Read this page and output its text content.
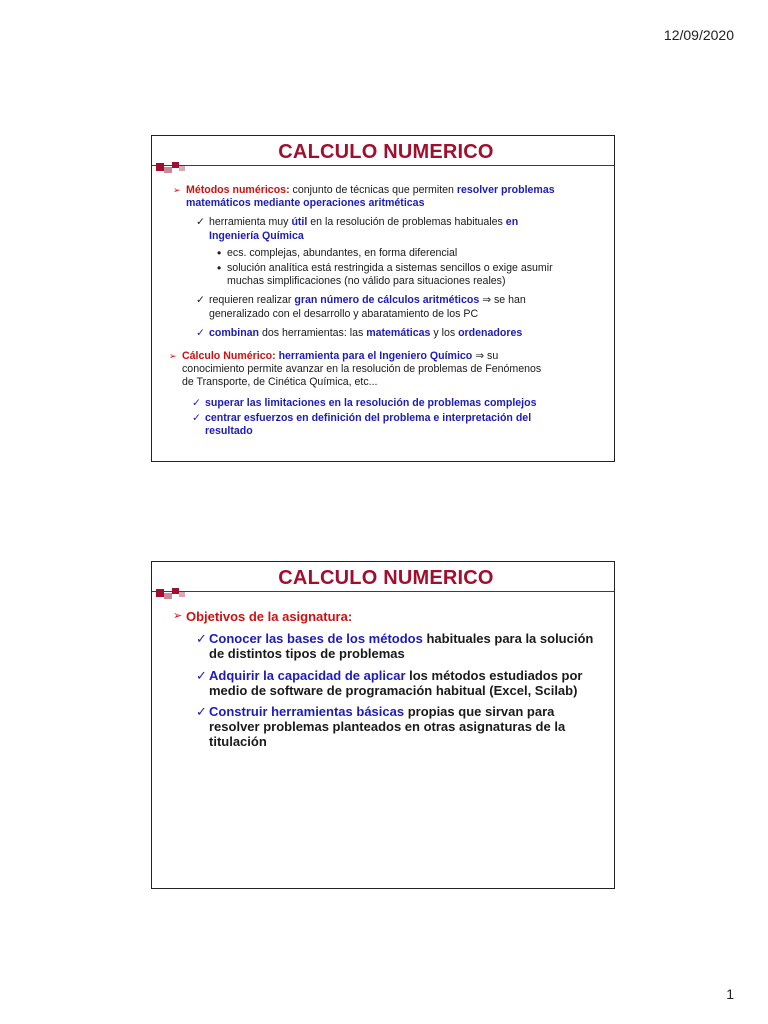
12/09/2020
CALCULO NUMERICO
➢ Métodos numéricos: conjunto de técnicas que permiten resolver problemas
matemáticos mediante operaciones aritméticas
✓ herramienta muy útil en la resolución de problemas habituales en
Ingeniería Química
• ecs. complejas, abundantes, en forma diferencial
• solución analítica está restringida a sistemas sencillos o exige asumir
muchas simplificaciones (no válido para situaciones reales)
✓ requieren realizar gran número de cálculos aritméticos ⇒ se han
generalizado con el desarrollo y abaratamiento de los PC
✓ combinan dos herramientas: las matemáticas y los ordenadores
➢ Cálculo Numérico: herramienta para el Ingeniero Químico ⇒ su
conocimiento permite avanzar en la resolución de problemas de Fenómenos
de Transporte, de Cinética Química, etc...
✓ superar las limitaciones en la resolución de problemas complejos
✓ centrar esfuerzos en definición del problema e interpretación del
resultado
CALCULO NUMERICO
➢ Objetivos de la asignatura:
✓ Conocer las bases de los métodos habituales para la solución
de distintos tipos de problemas
✓ Adquirir la capacidad de aplicar los métodos estudiados por
medio de software de programación habitual (Excel, Scilab)
✓ Construir herramientas básicas propias que sirvan para
resolver problemas planteados en otras asignaturas de la
titulación
1
